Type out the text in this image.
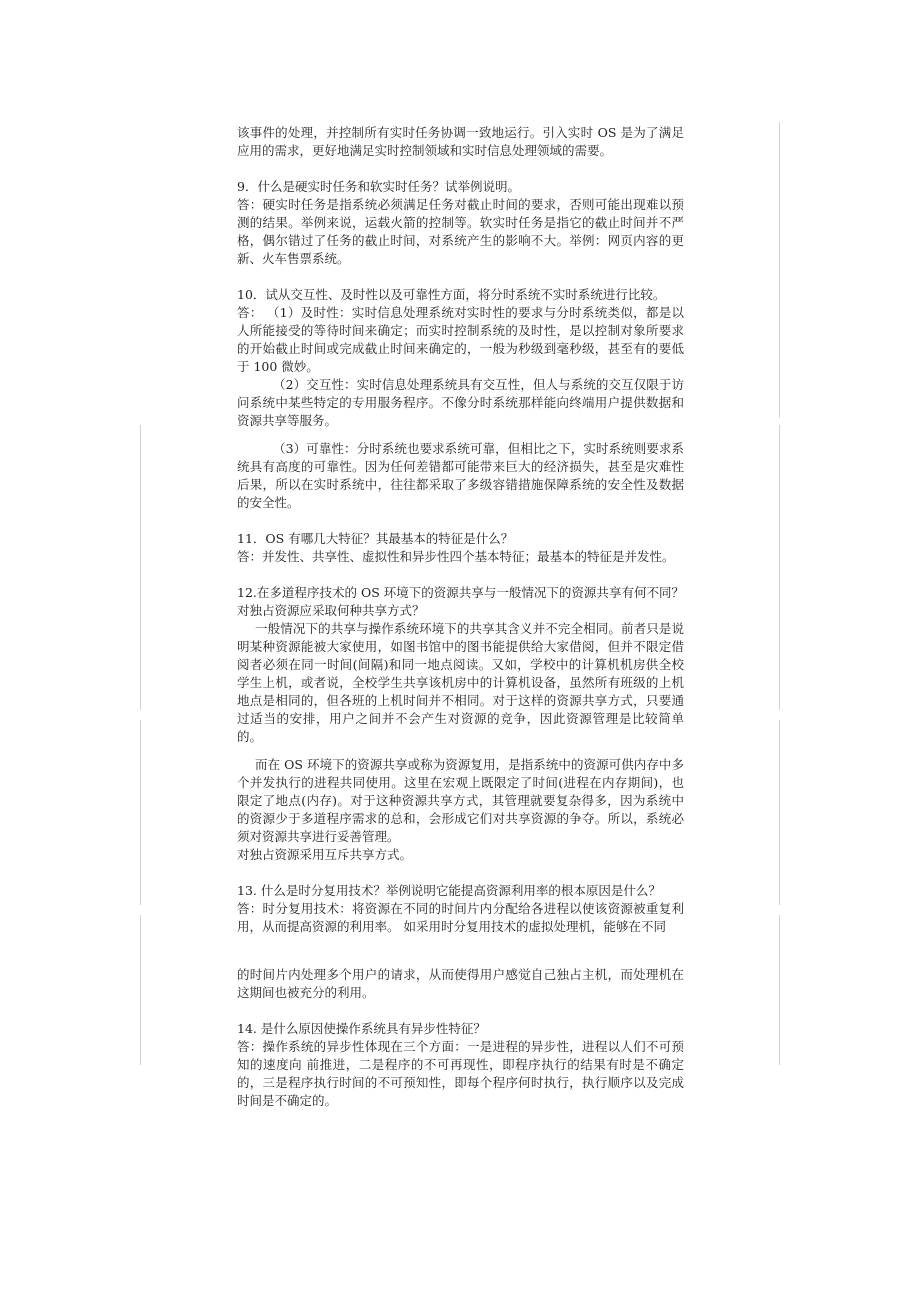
该事件的处理，并控制所有实时任务协调一致地运行。引入实时 OS 是为了满足应用的需求，更好地满足实时控制领域和实时信息处理领域的需要。

9．什么是硬实时任务和软实时任务？试举例说明。

答：硬实时任务是指系统必须满足任务对截止时间的要求，否则可能出现难以预测的结果。举例来说，运载火箭的控制等。软实时任务是指它的截止时间并不严格，偶尔错过了任务的截止时间，对系统产生的影响不大。举例：网页内容的更新、火车售票系统。

10．试从交互性、及时性以及可靠性方面，将分时系统不实时系统进行比较。

答： （1）及时性：实时信息处理系统对实时性的要求与分时系统类似，都是以人所能接受的等待时间来确定；而实时控制系统的及时性，是以控制对象所要求的开始截止时间或完成截止时间来确定的，一般为秒级到毫秒级，甚至有的要低于 100 微妙。

（2）交互性：实时信息处理系统具有交互性，但人与系统的交互仅限于访问系统中某些特定的专用服务程序。不像分时系统那样能向终端用户提供数据和资源共享等服务。

（3）可靠性：分时系统也要求系统可靠，但相比之下，实时系统则要求系统具有高度的可靠性。因为任何差错都可能带来巨大的经济损失，甚至是灾难性后果，所以在实时系统中，往往都采取了多级容错措施保障系统的安全性及数据的安全性。

11．OS 有哪几大特征？其最基本的特征是什么？

答：并发性、共享性、虚拟性和异步性四个基本特征；最基本的特征是并发性。

12.在多道程序技术的 OS 环境下的资源共享与一般情况下的资源共享有何不同？对独占资源应采取何种共享方式？

一般情况下的共享与操作系统环境下的共享其含义并不完全相同。前者只是说明某种资源能被大家使用，如图书馆中的图书能提供给大家借阅，但并不限定借阅者必须在同一时间(间隔)和同一地点阅读。又如，学校中的计算机机房供全校学生上机，或者说，全校学生共享该机房中的计算机设备，虽然所有班级的上机地点是相同的，但各班的上机时间并不相同。对于这样的资源共享方式，只要通过适当的安排，用户之间并不会产生对资源的竞争，因此资源管理是比较简单的。

而在 OS 环境下的资源共享或称为资源复用，是指系统中的资源可供内存中多个并发执行的进程共同使用。这里在宏观上既限定了时间(进程在内存期间)，也限定了地点(内存)。对于这种资源共享方式，其管理就要复杂得多，因为系统中的资源少于多道程序需求的总和，会形成它们对共享资源的争夺。所以，系统必须对资源共享进行妥善管理。

对独占资源采用互斥共享方式。

13. 什么是时分复用技术？举例说明它能提高资源利用率的根本原因是什么？

答：时分复用技术：将资源在不同的时间片内分配给各进程以使该资源被重复利用，从而提高资源的利用率。 如采用时分复用技术的虚拟处理机，能够在不同

的时间片内处理多个用户的请求，从而使得用户感觉自己独占主机，而处理机在这期间也被充分的利用。

14. 是什么原因使操作系统具有异步性特征？

答：操作系统的异步性体现在三个方面：一是进程的异步性，进程以人们不可预知的速度向 前推进，二是程序的不可再现性，即程序执行的结果有时是不确定的，三是程序执行时间的不可预知性，即每个程序何时执行，执行顺序以及完成时间是不确定的。
